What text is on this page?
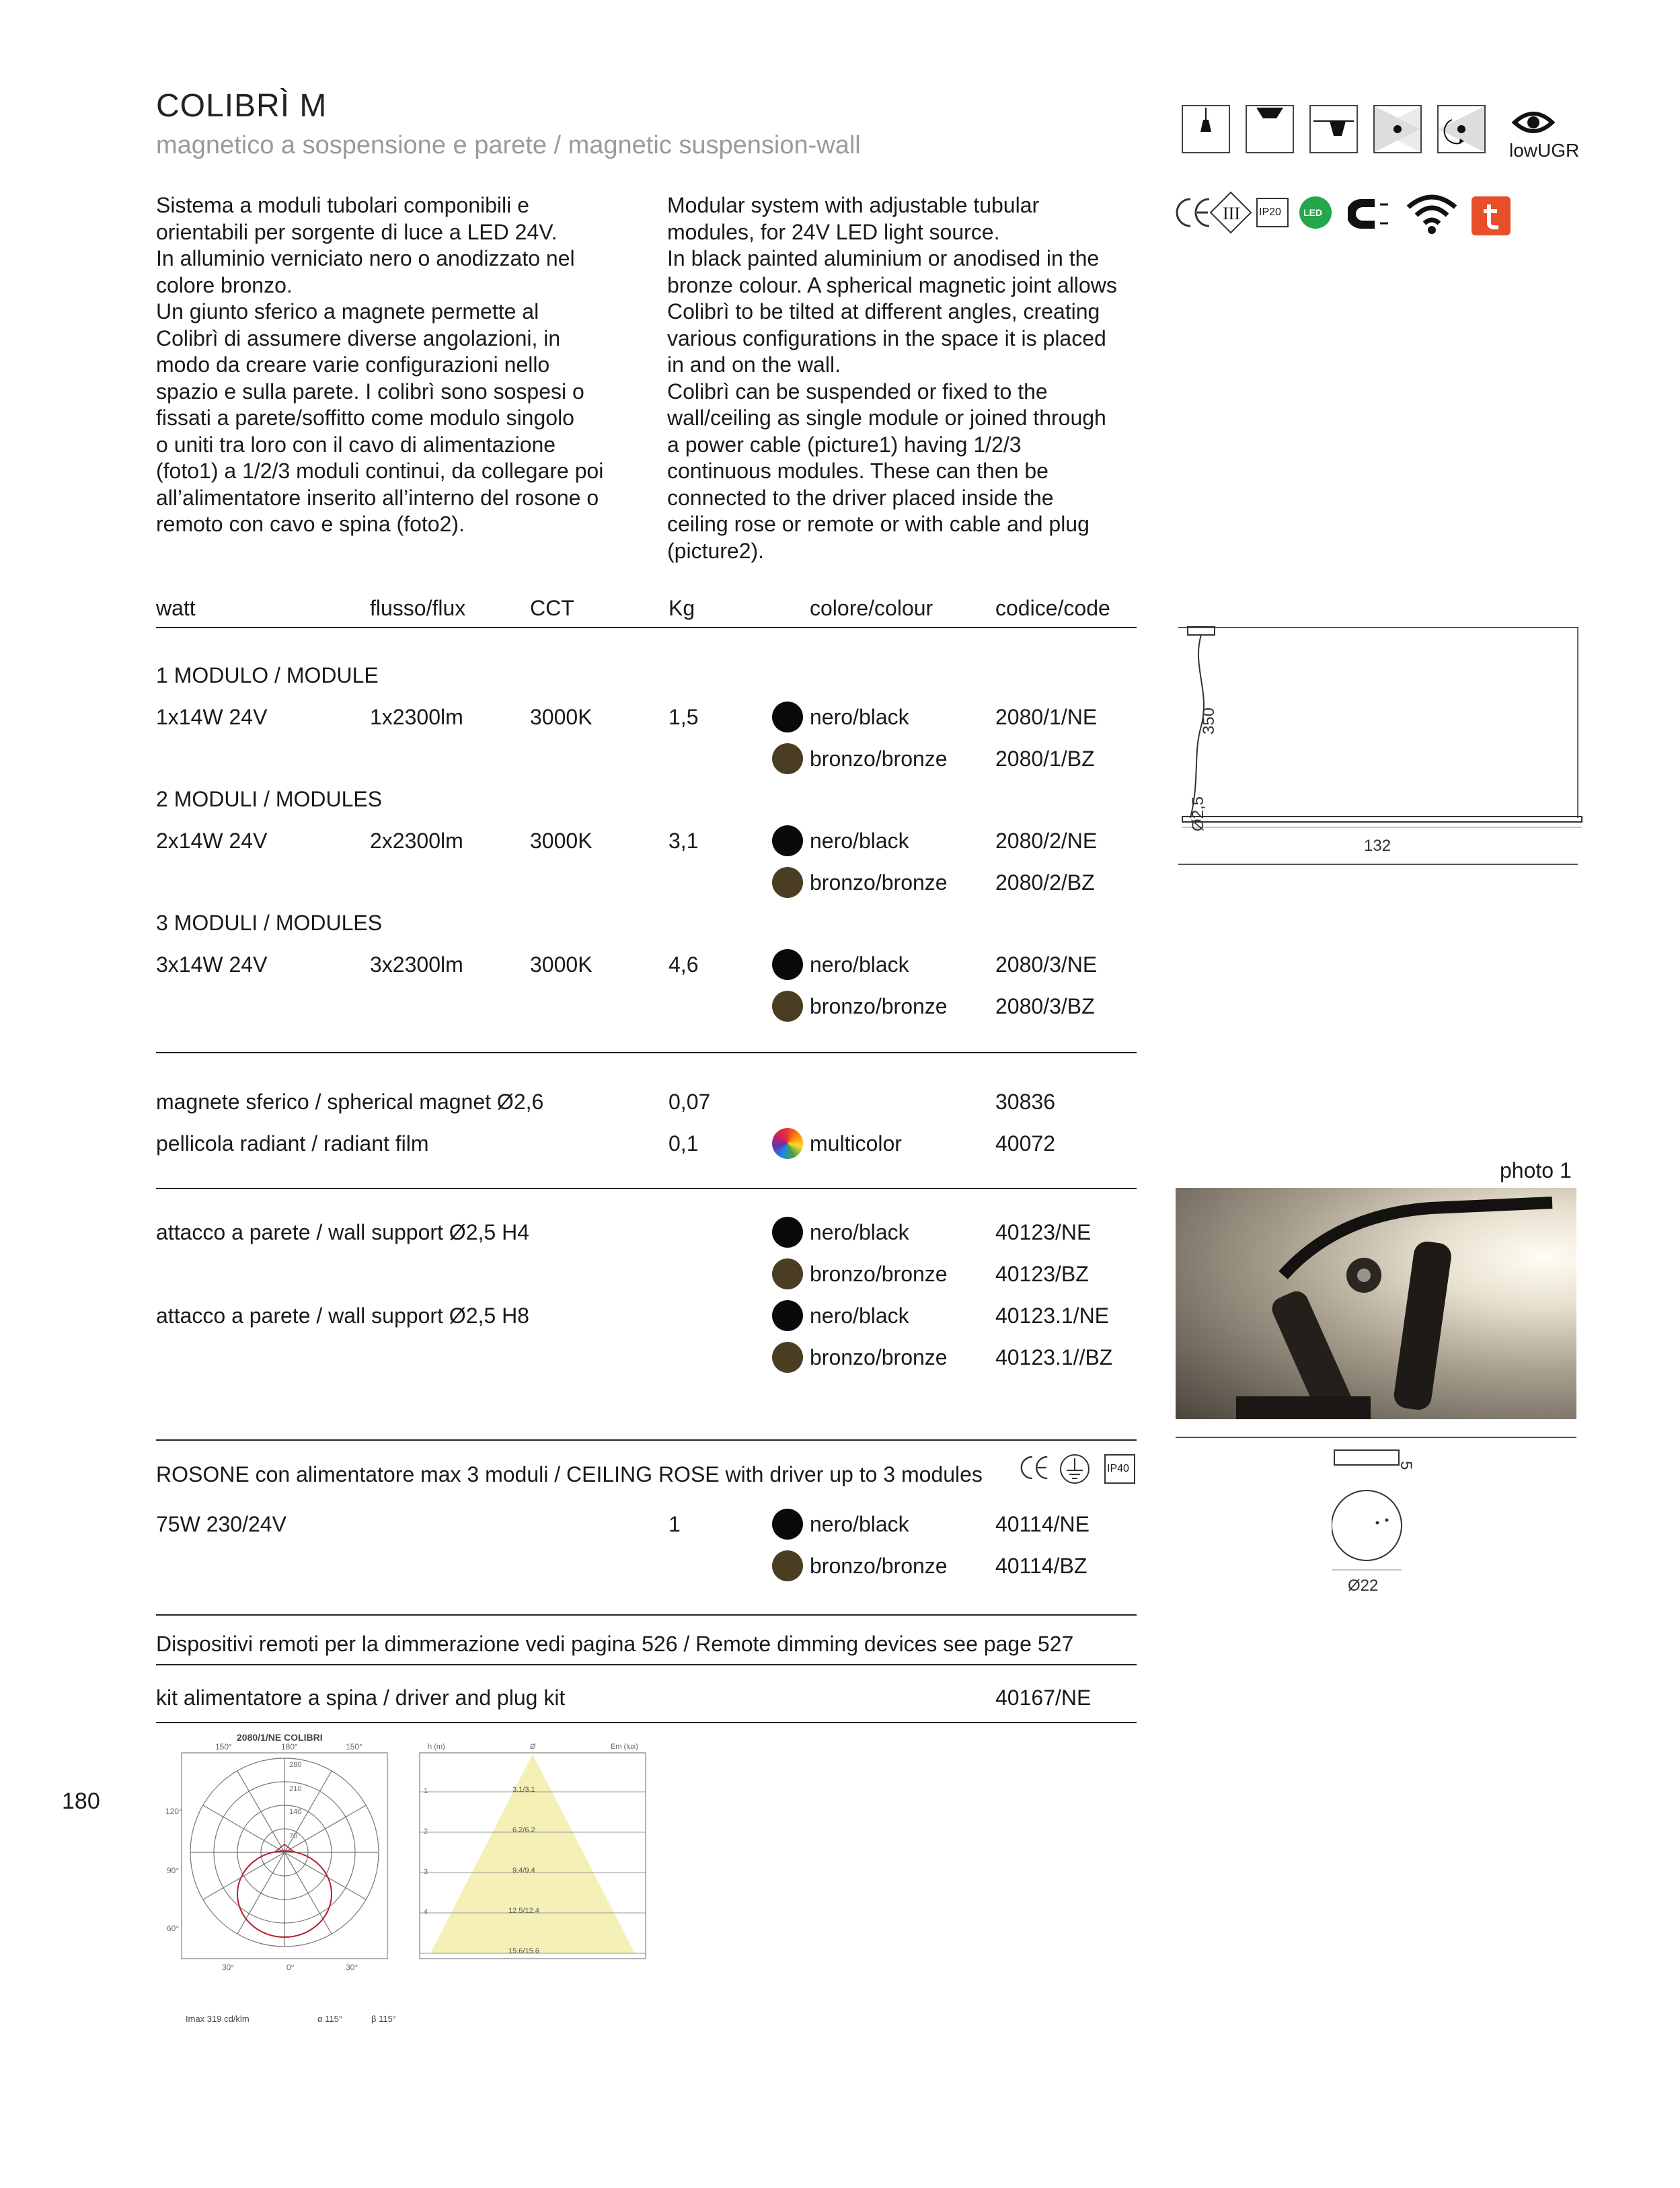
COLIBRÌ M
magnetico a sospensione e parete / magnetic suspension-wall	lowUGR
III IP20 LED
Sistema a moduli tubolari componibili e
orientabili per sorgente di luce a LED 24V.
In alluminio verniciato nero o anodizzato nel
colore bronzo.
Un giunto sferico a magnete permette al
Colibrì di assumere diverse angolazioni, in
modo da creare varie configurazioni nello
spazio e sulla parete. I colibrì sono sospesi o
fissati a parete/soffitto come modulo singolo
o uniti tra loro con il cavo di alimentazione
(foto1) a 1/2/3 moduli continui, da collegare poi
all’alimentatore inserito all’interno del rosone o
remoto con cavo e spina (foto2).
Modular system with adjustable tubular
modules, for 24V LED light source.
In black painted aluminium or anodised in the
bronze colour. A spherical magnetic joint allows
Colibrì to be tilted at different angles, creating
various configurations in the space it is placed
in and on the wall.
Colibrì can be suspended or fixed to the
wall/ceiling as single module or joined through
a power cable (picture1) having 1/2/3
continuous modules. These can then be
connected to the driver placed inside the
ceiling rose or remote or with cable and plug
(picture2).
watt	flusso/flux	CCT	Kg	colore/colour	codice/code
1 MODULO / MODULE
1x14W 24V	1x2300lm	3000K	1,5	nero/black	2080/1/NE
bronzo/bronze 2080/1/BZ
2 MODULI / MODULES
2x14W 24V	2x2300lm	3000K	3,1	nero/black	2080/2/NE
bronzo/bronze 2080/2/BZ
3 MODULI / MODULES
3x14W 24V	3x2300lm	3000K	4,6	nero/black	2080/3/NE
bronzo/bronze 2080/3/BZ
magnete sferico / spherical magnet Ø2,6	0,07	30836
pellicola radiant / radiant film	0,1	multicolor	40072
attacco a parete / wall support Ø2,5 H4	nero/black	40123/NE
bronzo/bronze 40123/BZ
attacco a parete / wall support Ø2,5 H8	nero/black	40123.1/NE
bronzo/bronze 40123.1//BZ
ROSONE con alimentatore max 3 moduli / CEILING ROSE with driver up to 3 modules	IP40
75W 230/24V	1	nero/black	40114/NE
bronzo/bronze 40114/BZ
Dispositivi remoti per la dimmerazione vedi pagina 526 / Remote dimming devices see page 527
kit alimentatore a spina / driver and plug kit	40167/NE
180
Ø2,5
350
132
photo 1
5
Ø22
2080/1/NE COLIBRI
150°	180°	150°
120°
90°
60°
30°	0°	30°
280
210
140
70
h (m)	Ø	Em (lux)
1
2
3
4
3.1/3.1
6.2/6.2
9.4/9.4
12.5/12.4
15.6/15.6
Imax 319 cd/klm	α 115°	β 115°
